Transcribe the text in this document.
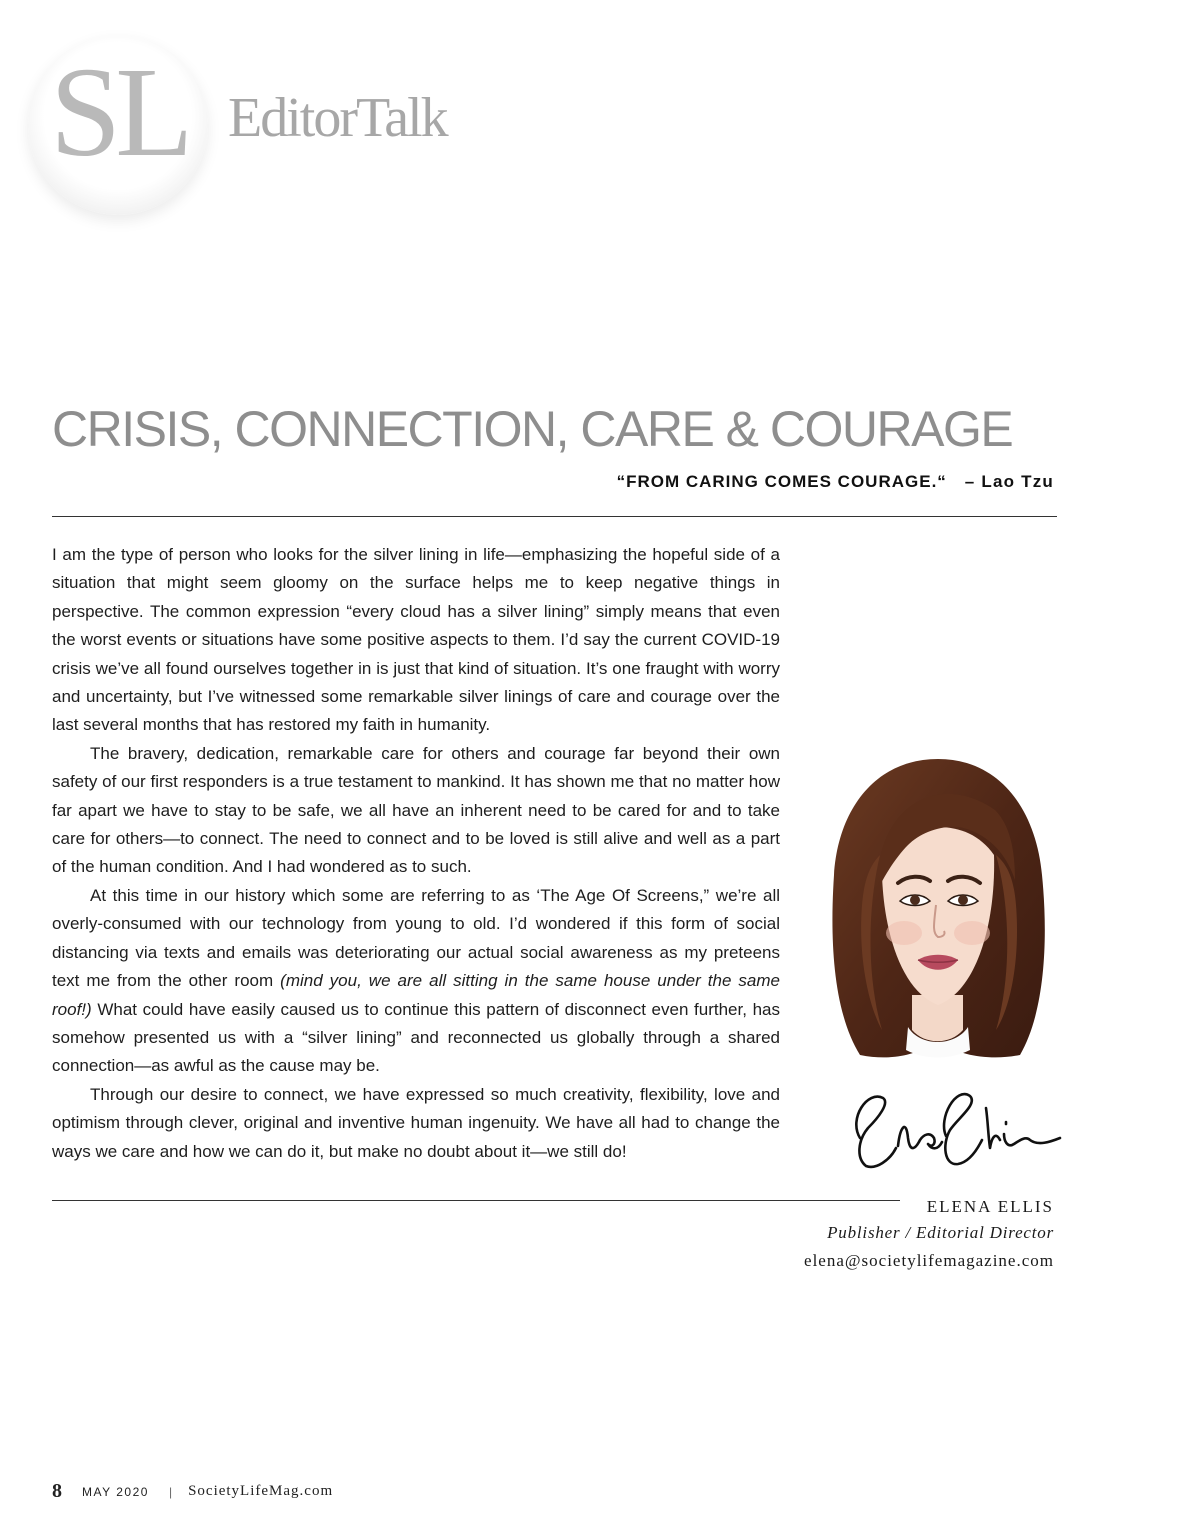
SL EditorTalk
CRISIS, CONNECTION, CARE & COURAGE
“FROM CARING COMES COURAGE.“ – Lao Tzu

I am the type of person who looks for the silver lining in life—emphasizing the hopeful side of a situation that might seem gloomy on the surface helps me to keep negative things in perspective. The common expression “every cloud has a silver lining” simply means that even the worst events or situations have some positive aspects to them. I’d say the current COVID-19 crisis we’ve all found ourselves together in is just that kind of situation. It’s one fraught with worry and uncertainty, but I’ve witnessed some remarkable silver linings of care and courage over the last several months that has restored my faith in humanity.

The bravery, dedication, remarkable care for others and courage far beyond their own safety of our first responders is a true testament to mankind. It has shown me that no matter how far apart we have to stay to be safe, we all have an inherent need to be cared for and to take care for others—to connect. The need to connect and to be loved is still alive and well as a part of the human condition. And I had wondered as to such.

At this time in our history which some are referring to as ‘The Age Of Screens,” we’re all overly-consumed with our technology from young to old. I’d wondered if this form of social distancing via texts and emails was deteriorating our actual social awareness as my preteens text me from the other room (mind you, we are all sitting in the same house under the same roof!) What could have easily caused us to continue this pattern of disconnect even further, has somehow presented us with a “silver lining” and reconnected us globally through a shared connection—as awful as the cause may be.

Through our desire to connect, we have expressed so much creativity, flexibility, love and optimism through clever, original and inventive human ingenuity. We have all had to change the ways we care and how we can do it, but make no doubt about it—we still do!

ELENA ELLIS
Publisher / Editorial Director
elena@societylifemagazine.com
8 MAY 2020 | SocietyLifeMag.com
